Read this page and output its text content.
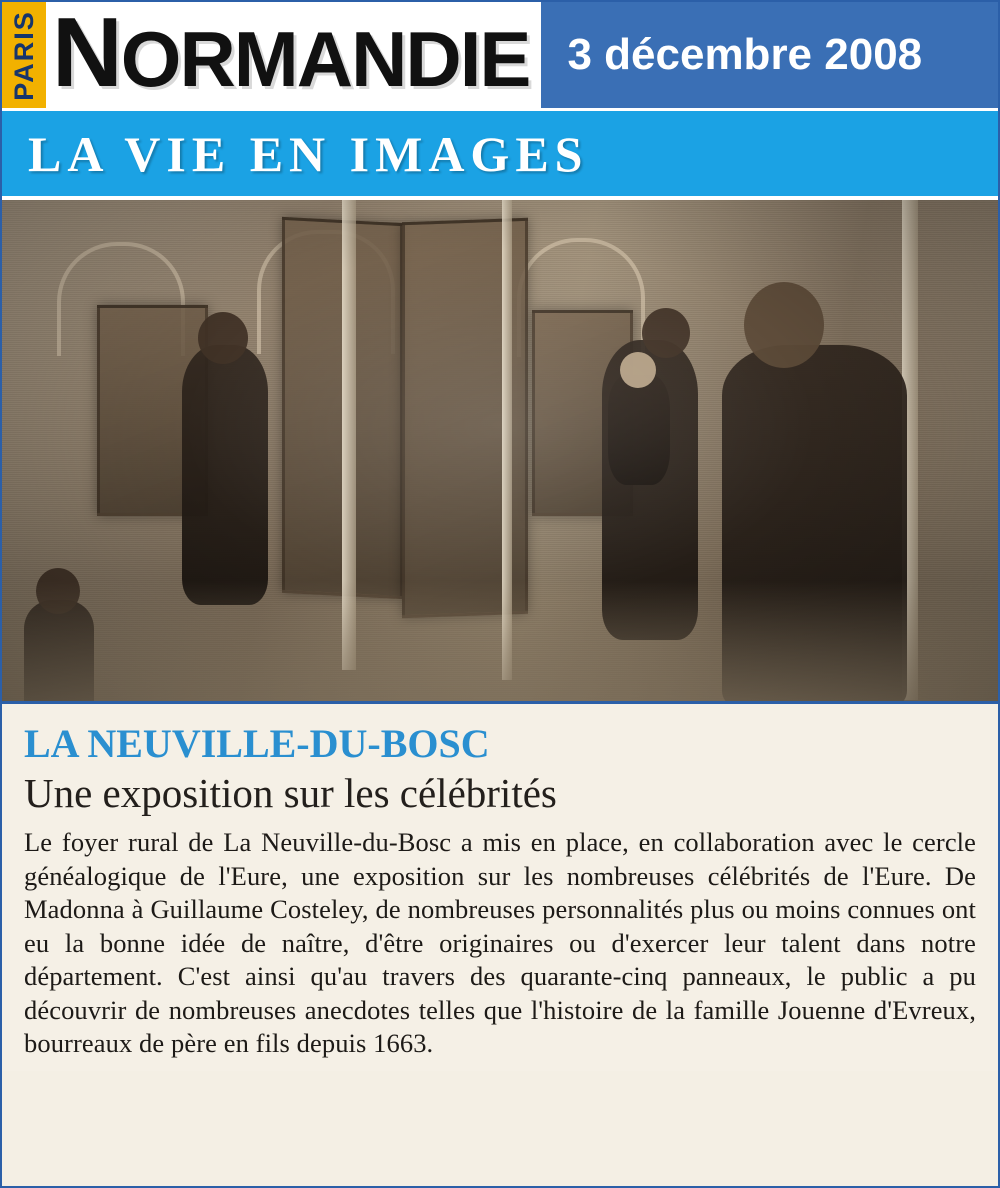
PARIS NORMANDIE 3 décembre 2008
LA VIE EN IMAGES
LA NEUVILLE-DU-BOSC
Une exposition sur les célébrités

Le foyer rural de La Neuville-du-Bosc a mis en place, en collaboration avec le cercle généalogique de l'Eure, une exposition sur les nombreuses célébrités de l'Eure. De Madonna à Guillaume Costeley, de nombreuses personnalités plus ou moins connues ont eu la bonne idée de naître, d'être originaires ou d'exercer leur talent dans notre département. C'est ainsi qu'au travers des quarante-cinq panneaux, le public a pu découvrir de nombreuses anecdotes telles que l'histoire de la famille Jouenne d'Evreux, bourreaux de père en fils depuis 1663.
